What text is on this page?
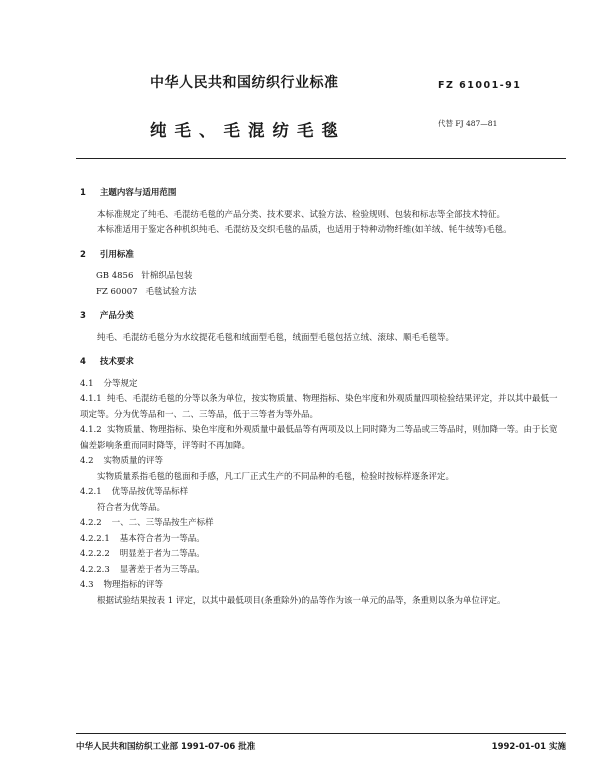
中华人民共和国纺织行业标准	FZ 61001-91
纯毛、毛混纺毛毯	代替 FJ 487—81
1 主题内容与适用范围

本标准规定了纯毛、毛混纺毛毯的产品分类、技术要求、试验方法、检验规则、包装和标志等全部技术特征。

本标准适用于鉴定各种机织纯毛、毛混纺及交织毛毯的品质，也适用于特种动物纤维(如羊绒、牦牛绒等)毛毯。

2 引用标准
GB 4856 针棉织品包装
FZ 60007 毛毯试验方法
3 产品分类

纯毛、毛混纺毛毯分为水纹提花毛毯和绒面型毛毯，绒面型毛毯包括立绒、滚球、顺毛毛毯等。

4 技术要求
4.1 分等规定
4.1.1 纯毛、毛混纺毛毯的分等以条为单位，按实物质量、物理指标、染色牢度和外观质量四项检验结果评定，并以其中最低一项定等。分为优等品和一、二、三等品，低于三等者为等外品。
4.1.2 实物质量、物理指标、染色牢度和外观质量中最低品等有两项及以上同时降为二等品或三等品时，则加降一等。由于长宽偏差影响条重而同时降等，评等时不再加降。
4.2 实物质量的评等

实物质量系指毛毯的毯面和手感，凡工厂正式生产的不同品种的毛毯，检验时按标样逐条评定。

4.2.1 优等品按优等品标样

符合者为优等品。

4.2.2 一、二、三等品按生产标样
4.2.2.1 基本符合者为一等品。
4.2.2.2 明显差于者为二等品。
4.2.2.3 显著差于者为三等品。
4.3 物理指标的评等

根据试验结果按表 1 评定，以其中最低项目(条重除外)的品等作为该一单元的品等，条重则以条为单位评定。

中华人民共和国纺织工业部 1991-07-06 批准	1992-01-01 实施
